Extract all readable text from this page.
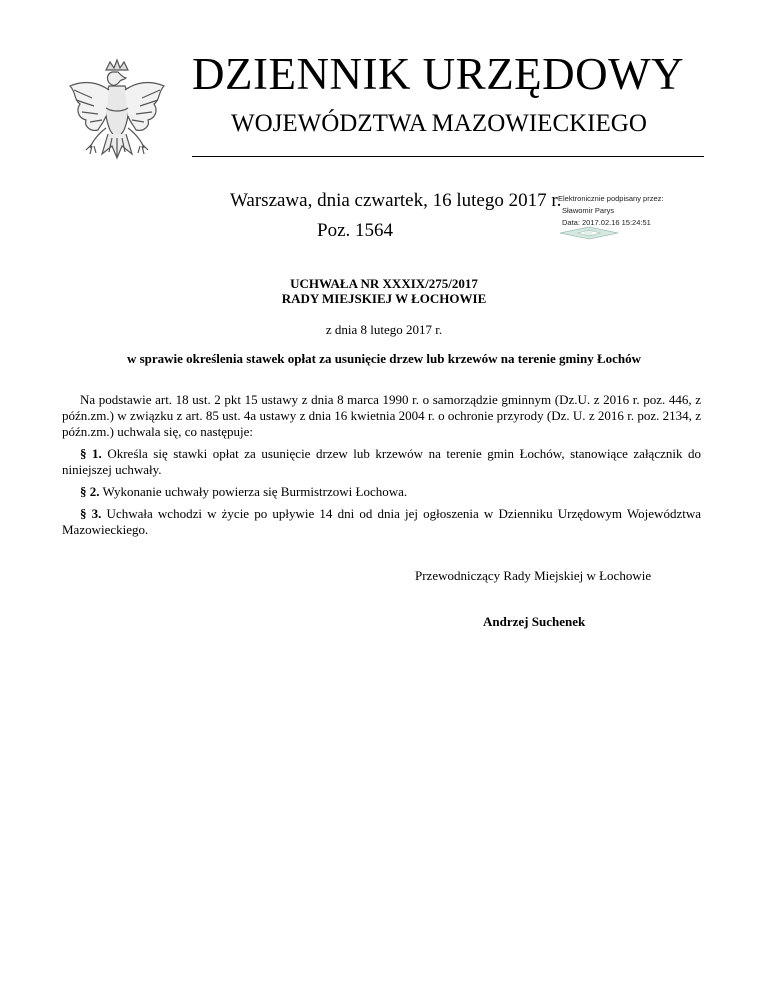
DZIENNIK URZĘDOWY
WOJEWÓDZTWA MAZOWIECKIEGO
Warszawa, dnia czwartek, 16 lutego 2017 r.
Poz. 1564
Elektronicznie podpisany przez:
Sławomir Parys
Data: 2017.02.16 15:24:51
UCHWAŁA NR XXXIX/275/2017
RADY MIEJSKIEJ W ŁOCHOWIE
z dnia 8 lutego 2017 r.
w sprawie określenia stawek opłat za usunięcie drzew lub krzewów na terenie gminy Łochów
Na podstawie art. 18 ust. 2 pkt 15 ustawy z dnia 8 marca 1990 r. o samorządzie gminnym (Dz.U. z 2016 r. poz. 446, z późn.zm.) w związku z art. 85 ust. 4a ustawy z dnia 16 kwietnia 2004 r. o ochronie przyrody (Dz. U. z 2016 r. poz. 2134, z późn.zm.) uchwala się, co następuje:
§ 1. Określa się stawki opłat za usunięcie drzew lub krzewów na terenie gmin Łochów, stanowiące załącznik do niniejszej uchwały.
§ 2. Wykonanie uchwały powierza się Burmistrzowi Łochowa.
§ 3. Uchwała wchodzi w życie po upływie 14 dni od dnia jej ogłoszenia w Dzienniku Urzędowym Województwa Mazowieckiego.
Przewodniczący Rady Miejskiej w Łochowie
Andrzej Suchenek
